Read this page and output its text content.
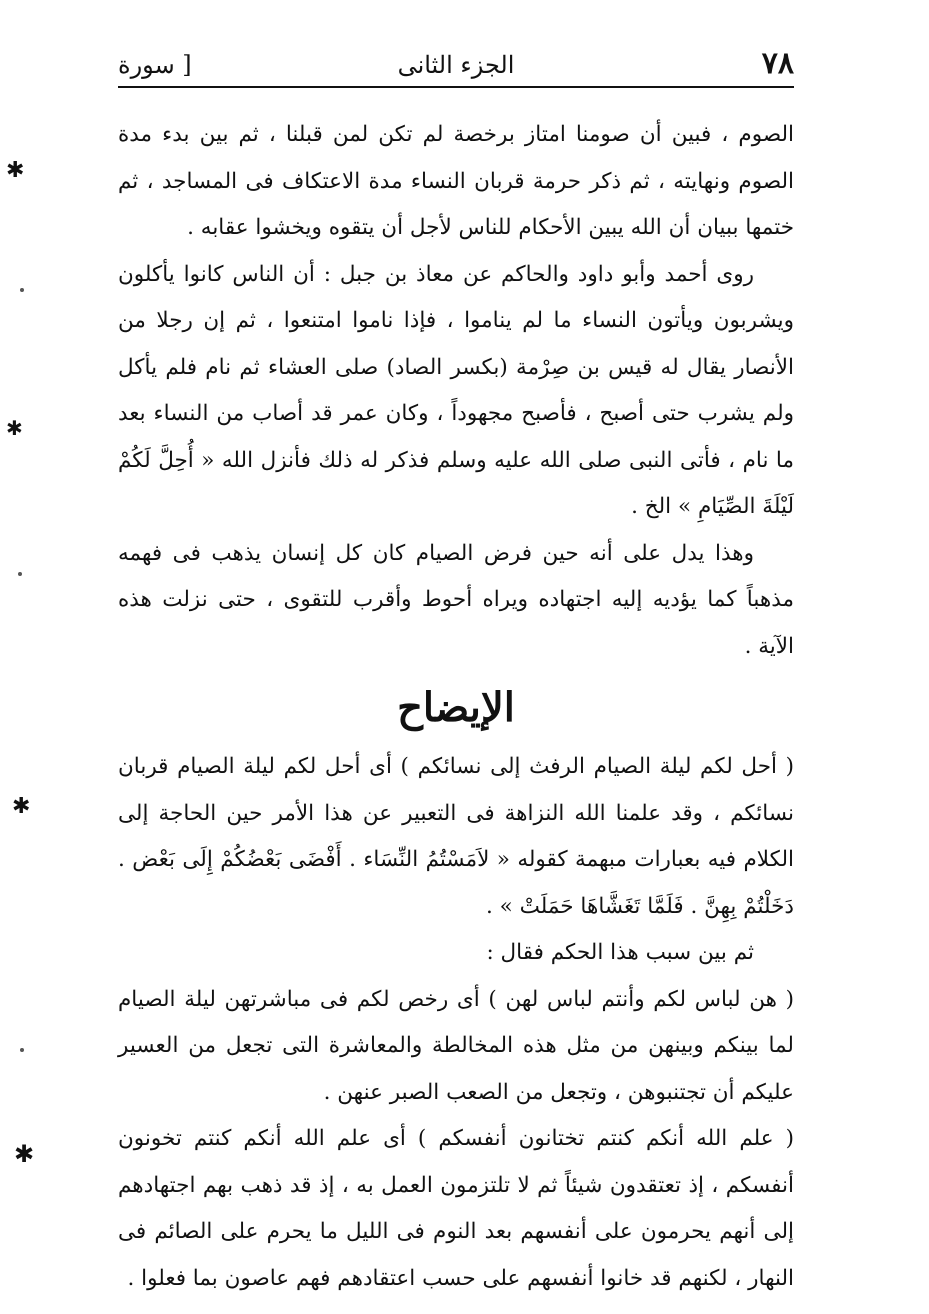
٧٨
الجزء الثانى
[ سورة

الصوم ، فبين أن صومنا امتاز برخصة لم تكن لمن قبلنا ، ثم بين بدء مدة الصوم ونهايته ، ثم ذكر حرمة قربان النساء مدة الاعتكاف فى المساجد ، ثم ختمها ببيان أن الله يبين الأحكام للناس لأجل أن يتقوه ويخشوا عقابه .

روى أحمد وأبو داود والحاكم عن معاذ بن جبل : أن الناس كانوا يأكلون ويشربون ويأتون النساء ما لم يناموا ، فإذا ناموا امتنعوا ، ثم إن رجلا من الأنصار يقال له قيس بن صِرْمة (بكسر الصاد) صلى العشاء ثم نام فلم يأكل ولم يشرب حتى أصبح ، فأصبح مجهوداً ، وكان عمر قد أصاب من النساء بعد ما نام ، فأتى النبى صلى الله عليه وسلم فذكر له ذلك فأنزل الله « أُحِلَّ لَكُمْ لَيْلَةَ الصِّيَامِ » الخ .

وهذا يدل على أنه حين فرض الصيام كان كل إنسان يذهب فى فهمه مذهباً كما يؤديه إليه اجتهاده ويراه أحوط وأقرب للتقوى ، حتى نزلت هذه الآية .

الإيضاح

( أحل لكم ليلة الصيام الرفث إلى نسائكم ) أى أحل لكم ليلة الصيام قربان نسائكم ، وقد علمنا الله النزاهة فى التعبير عن هذا الأمر حين الحاجة إلى الكلام فيه بعبارات مبهمة كقوله « لاَمَسْتُمُ النِّسَاء . أَفْضَى بَعْضُكُمْ إِلَى بَعْض . دَخَلْتُمْ بِهِنَّ . فَلَمَّا تَغَشَّاهَا حَمَلَتْ » .

ثم بين سبب هذا الحكم فقال :

( هن لباس لكم وأنتم لباس لهن ) أى رخص لكم فى مباشرتهن ليلة الصيام لما بينكم وبينهن من مثل هذه المخالطة والمعاشرة التى تجعل من العسير عليكم أن تجتنبوهن ، وتجعل من الصعب الصبر عنهن .

( علم الله أنكم كنتم تختانون أنفسكم ) أى علم الله أنكم كنتم تخونون أنفسكم ، إذ تعتقدون شيئاً ثم لا تلتزمون العمل به ، إذ قد ذهب بهم اجتهادهم إلى أنهم يحرمون على أنفسهم بعد النوم فى الليل ما يحرم على الصائم فى النهار ، لكنهم قد خانوا أنفسهم على حسب اعتقادهم فهم عاصون بما فعلوا .

✱
✱
✱
✱
